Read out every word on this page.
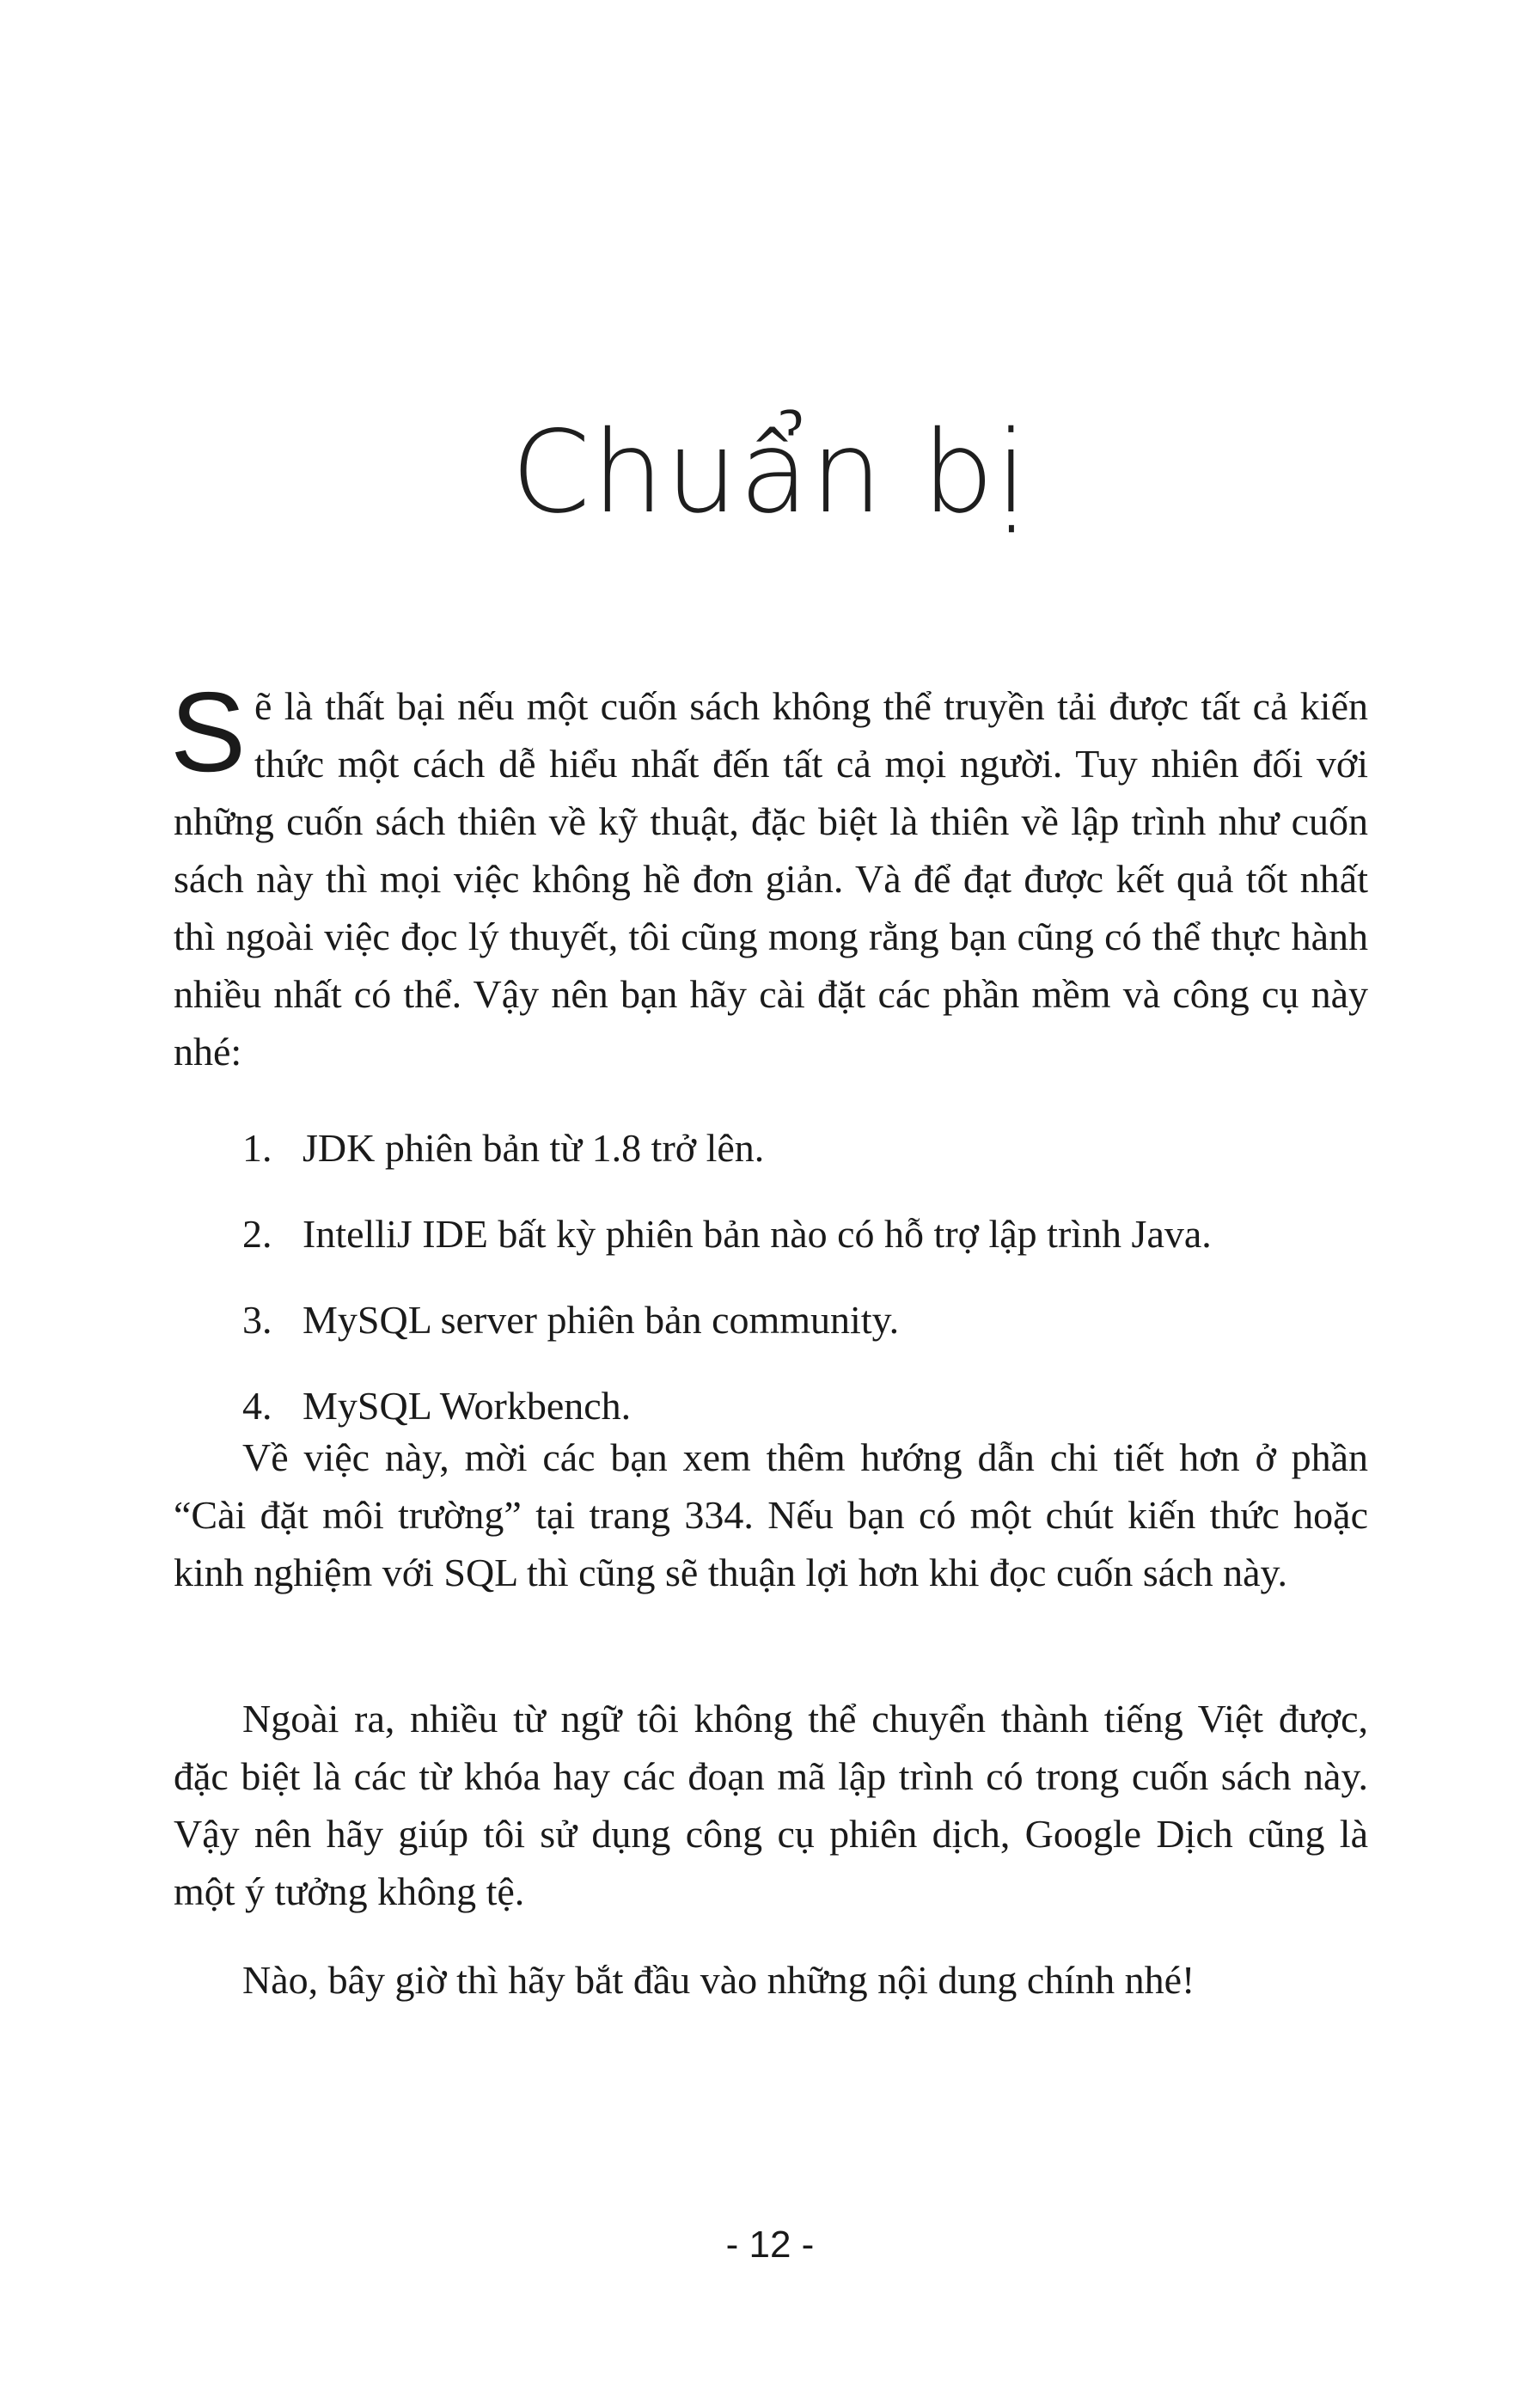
Chuẩn bị

Sẽ là thất bại nếu một cuốn sách không thể truyền tải được tất cả kiến thức một cách dễ hiểu nhất đến tất cả mọi người. Tuy nhiên đối với những cuốn sách thiên về kỹ thuật, đặc biệt là thiên về lập trình như cuốn sách này thì mọi việc không hề đơn giản. Và để đạt được kết quả tốt nhất thì ngoài việc đọc lý thuyết, tôi cũng mong rằng bạn cũng có thể thực hành nhiều nhất có thể. Vậy nên bạn hãy cài đặt các phần mềm và công cụ này nhé:

1. JDK phiên bản từ 1.8 trở lên.
2. IntelliJ IDE bất kỳ phiên bản nào có hỗ trợ lập trình Java.
3. MySQL server phiên bản community.
4. MySQL Workbench.

Về việc này, mời các bạn xem thêm hướng dẫn chi tiết hơn ở phần “Cài đặt môi trường” tại trang 334. Nếu bạn có một chút kiến thức hoặc kinh nghiệm với SQL thì cũng sẽ thuận lợi hơn khi đọc cuốn sách này.

Ngoài ra, nhiều từ ngữ tôi không thể chuyển thành tiếng Việt được, đặc biệt là các từ khóa hay các đoạn mã lập trình có trong cuốn sách này. Vậy nên hãy giúp tôi sử dụng công cụ phiên dịch, Google Dịch cũng là một ý tưởng không tệ.

Nào, bây giờ thì hãy bắt đầu vào những nội dung chính nhé!

- 12 -
